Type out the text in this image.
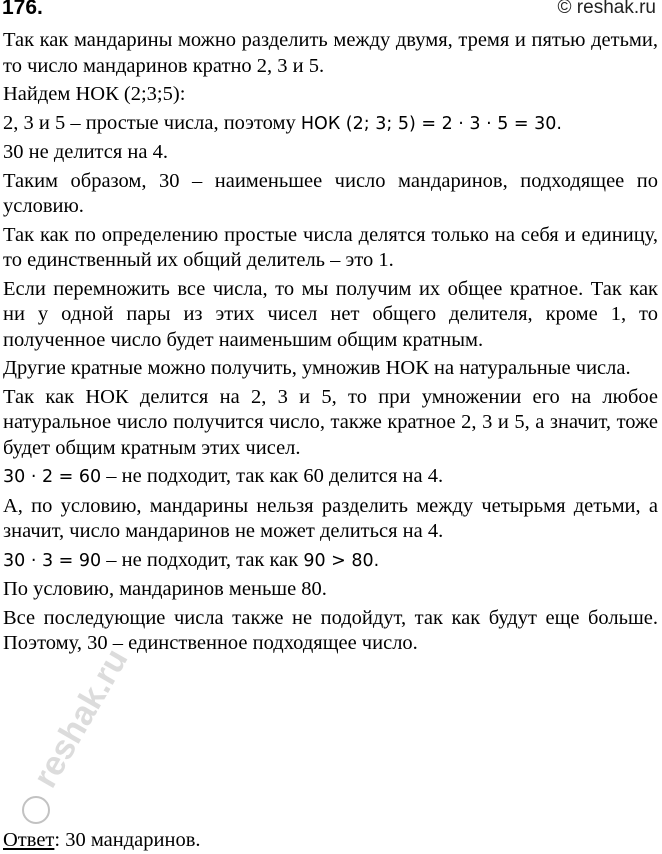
176.	© reshak.ru

Так как мандарины можно разделить между двумя, тремя и пятью детьми, то число мандаринов кратно 2, 3 и 5.

Найдем НОК (2;3;5):

2, 3 и 5 – простые числа, поэтому НОК (2; 3; 5) = 2 · 3 · 5 = 30.

30 не делится на 4.

Таким образом, 30 – наименьшее число мандаринов, подходящее по условию.

Так как по определению простые числа делятся только на себя и единицу, то единственный их общий делитель – это 1.

Если перемножить все числа, то мы получим их общее кратное. Так как ни у одной пары из этих чисел нет общего делителя, кроме 1, то полученное число будет наименьшим общим кратным.

Другие кратные можно получить, умножив НОК на натуральные числа.

Так как НОК делится на 2, 3 и 5, то при умножении его на любое натуральное число получится число, также кратное 2, 3 и 5, а значит, тоже будет общим кратным этих чисел.

30 · 2 = 60 – не подходит, так как 60 делится на 4.

А, по условию, мандарины нельзя разделить между четырьмя детьми, а значит, число мандаринов не может делиться на 4.

30 · 3 = 90 – не подходит, так как 90 > 80.

По условию, мандаринов меньше 80.

Все последующие числа также не подойдут, так как будут еще больше. Поэтому, 30 – единственное подходящее число.

Ответ: 30 мандаринов.
reshak.ru
